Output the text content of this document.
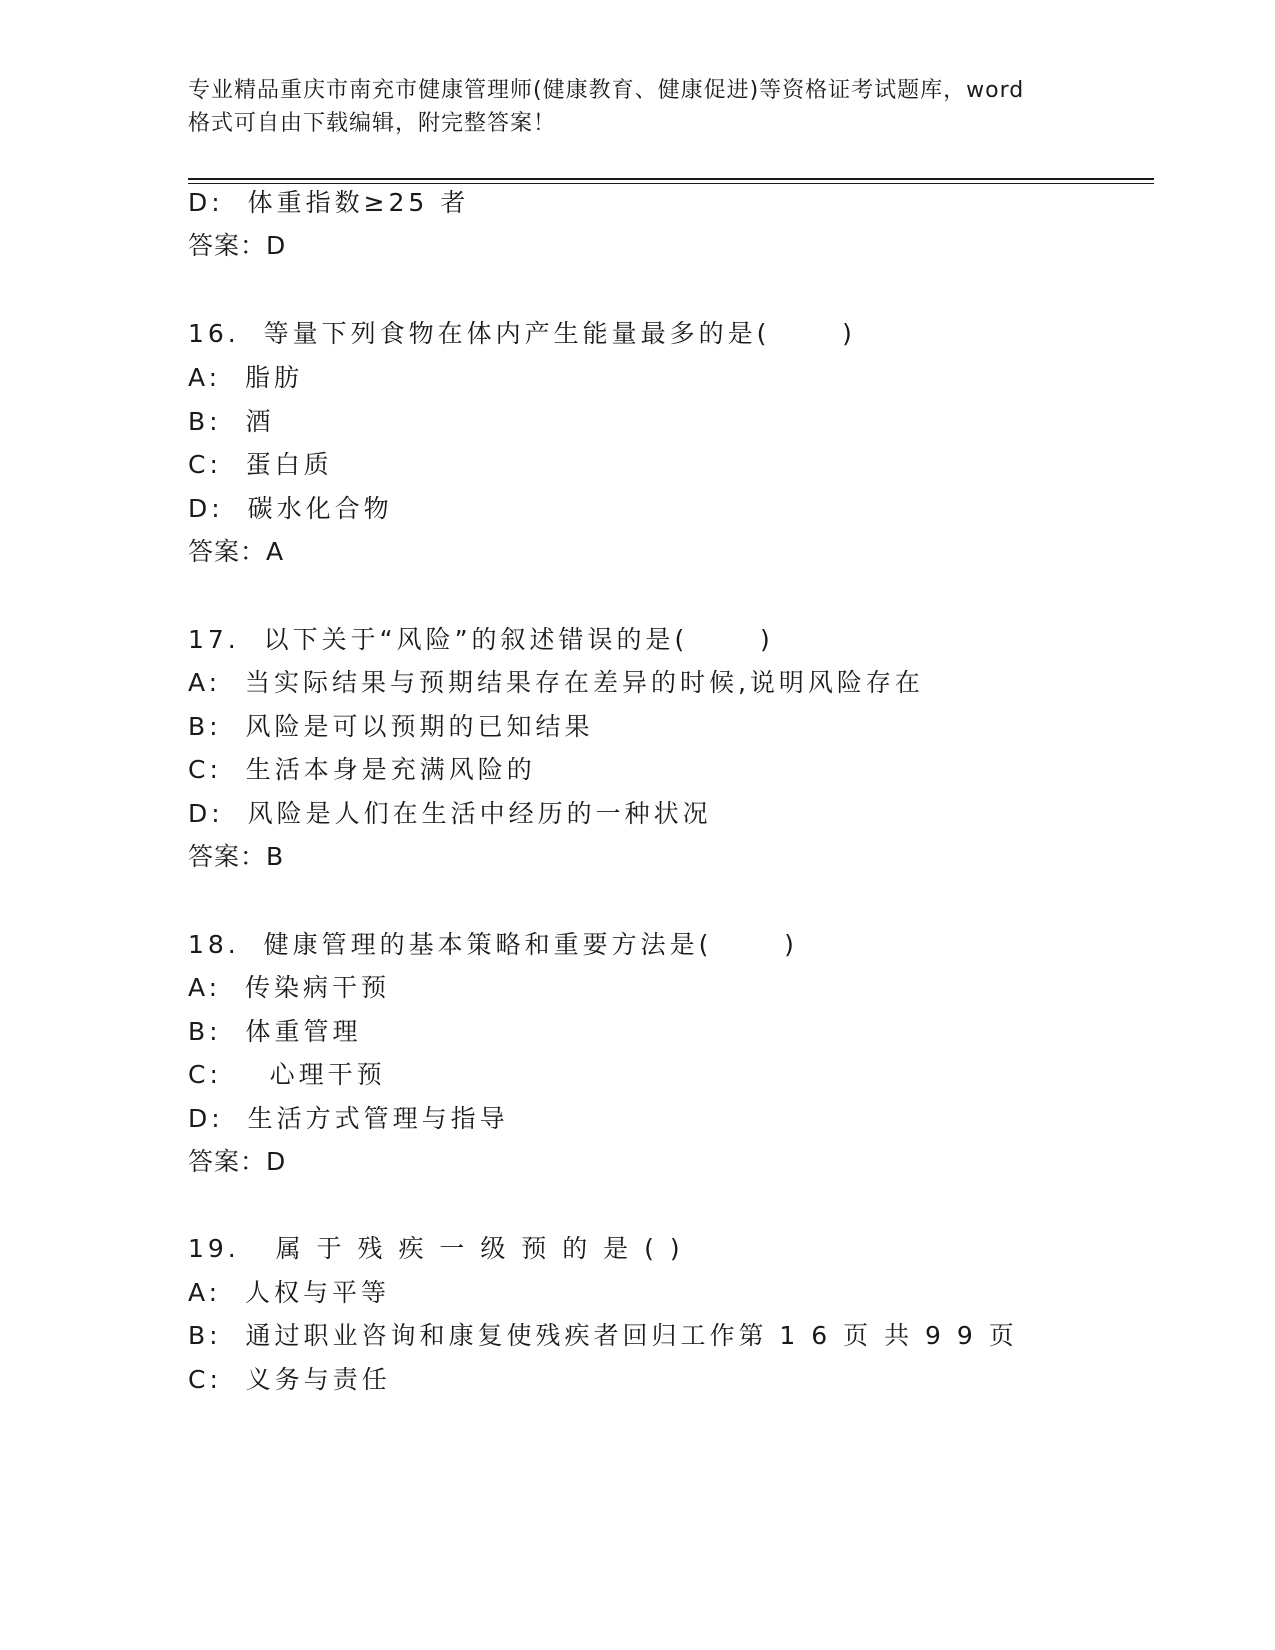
专业精品重庆市南充市健康管理师(健康教育、健康促进)等资格证考试题库，word
格式可自由下载编辑，附完整答案！
D:  体重指数≥25 者
答案：D
16.  等量下列食物在体内产生能量最多的是(      )
A:  脂肪
B:  酒
C:  蛋白质
D:  碳水化合物
答案：A
17.  以下关于“风险”的叙述错误的是(      )
A:  当实际结果与预期结果存在差异的时候,说明风险存在
B:  风险是可以预期的已知结果
C:  生活本身是充满风险的
D:  风险是人们在生活中经历的一种状况
答案：B
18.  健康管理的基本策略和重要方法是(      )
A:  传染病干预
B:  体重管理
C:    心理干预
D:  生活方式管理与指导
答案：D
19.   属 于 残 疾 一 级 预 的 是 ( )
A:  人权与平等
B:  通过职业咨询和康复使残疾者回归工作第 1 6 页 共 9 9 页
C:  义务与责任
